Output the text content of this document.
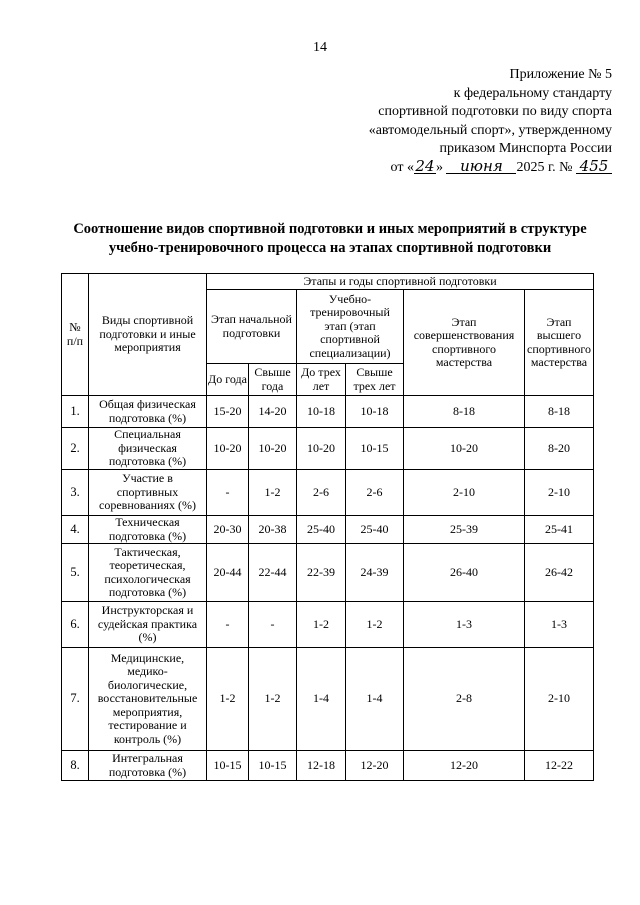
14
Приложение № 5
к федеральному стандарту
спортивной подготовки по виду спорта
«автомодельный спорт», утвержденному
приказом Минспорта России
от «24» июня 2025 г. № 455
Соотношение видов спортивной подготовки и иных мероприятий в структуре
учебно-тренировочного процесса на этапах спортивной подготовки
№ п/п	Виды спортивной подготовки и иные мероприятия	Этапы и годы спортивной подготовки					
		Этап начальной подготовки		Учебно-тренировочный этап (этап спортивной специализации)		Этап совершенствования спортивного мастерства	Этап высшего спортивного мастерства
		До года	Свыше года	До трех лет	Свыше трех лет		
1.	Общая физическая подготовка (%)	15-20	14-20	10-18	10-18	8-18	8-18
2.	Специальная физическая подготовка (%)	10-20	10-20	10-20	10-15	10-20	8-20
3.	Участие в спортивных соревнованиях (%)	-	1-2	2-6	2-6	2-10	2-10
4.	Техническая подготовка (%)	20-30	20-38	25-40	25-40	25-39	25-41
5.	Тактическая, теоретическая, психологическая подготовка (%)	20-44	22-44	22-39	24-39	26-40	26-42
6.	Инструкторская и судейская практика (%)	-	-	1-2	1-2	1-3	1-3
7.	Медицинские, медико-биологические, восстановительные мероприятия, тестирование и контроль (%)	1-2	1-2	1-4	1-4	2-8	2-10
8.	Интегральная подготовка (%)	10-15	10-15	12-18	12-20	12-20	12-22
